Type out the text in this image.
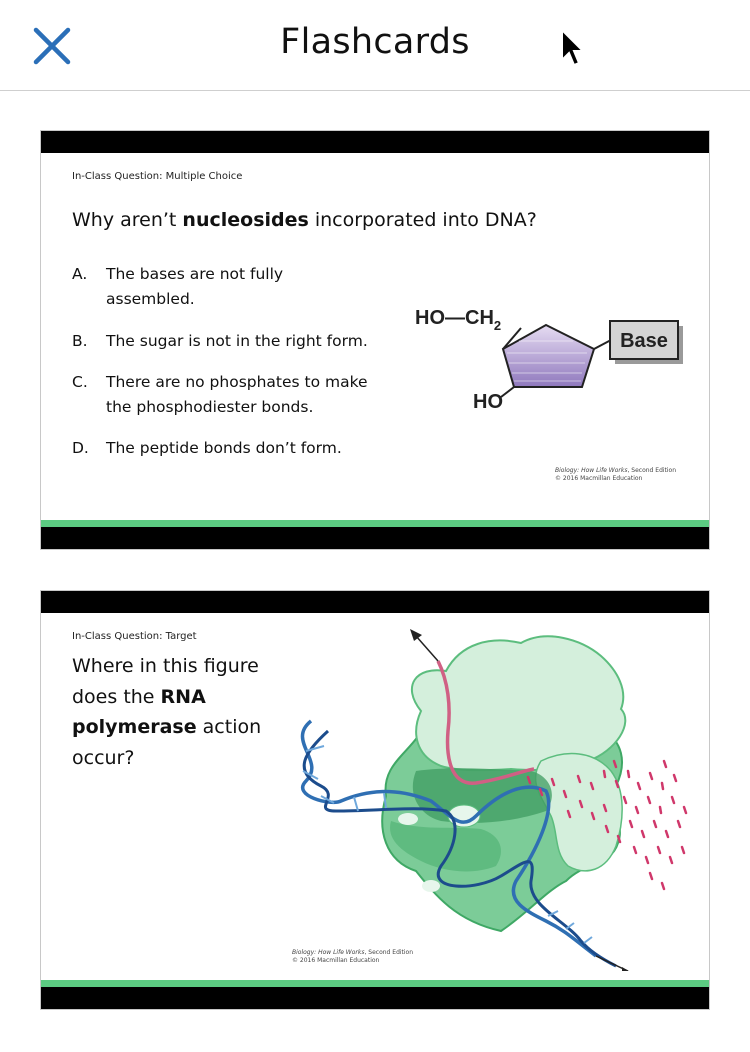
Flashcards
In-Class Question: Multiple Choice
Why aren’t nucleosides incorporated into DNA?
A.	The bases are not fully assembled.
B.	The sugar is not in the right form.
C.	There are no phosphates to make the phosphodiester bonds.
D.	The peptide bonds don’t form.
$HO—CH_2$
HO
Base
Biology: How Life Works, Second Edition
© 2016 Macmillan Education
In-Class Question: Target
Where in this figure
does the RNA
polymerase action
occur?
Biology: How Life Works, Second Edition
© 2016 Macmillan Education
